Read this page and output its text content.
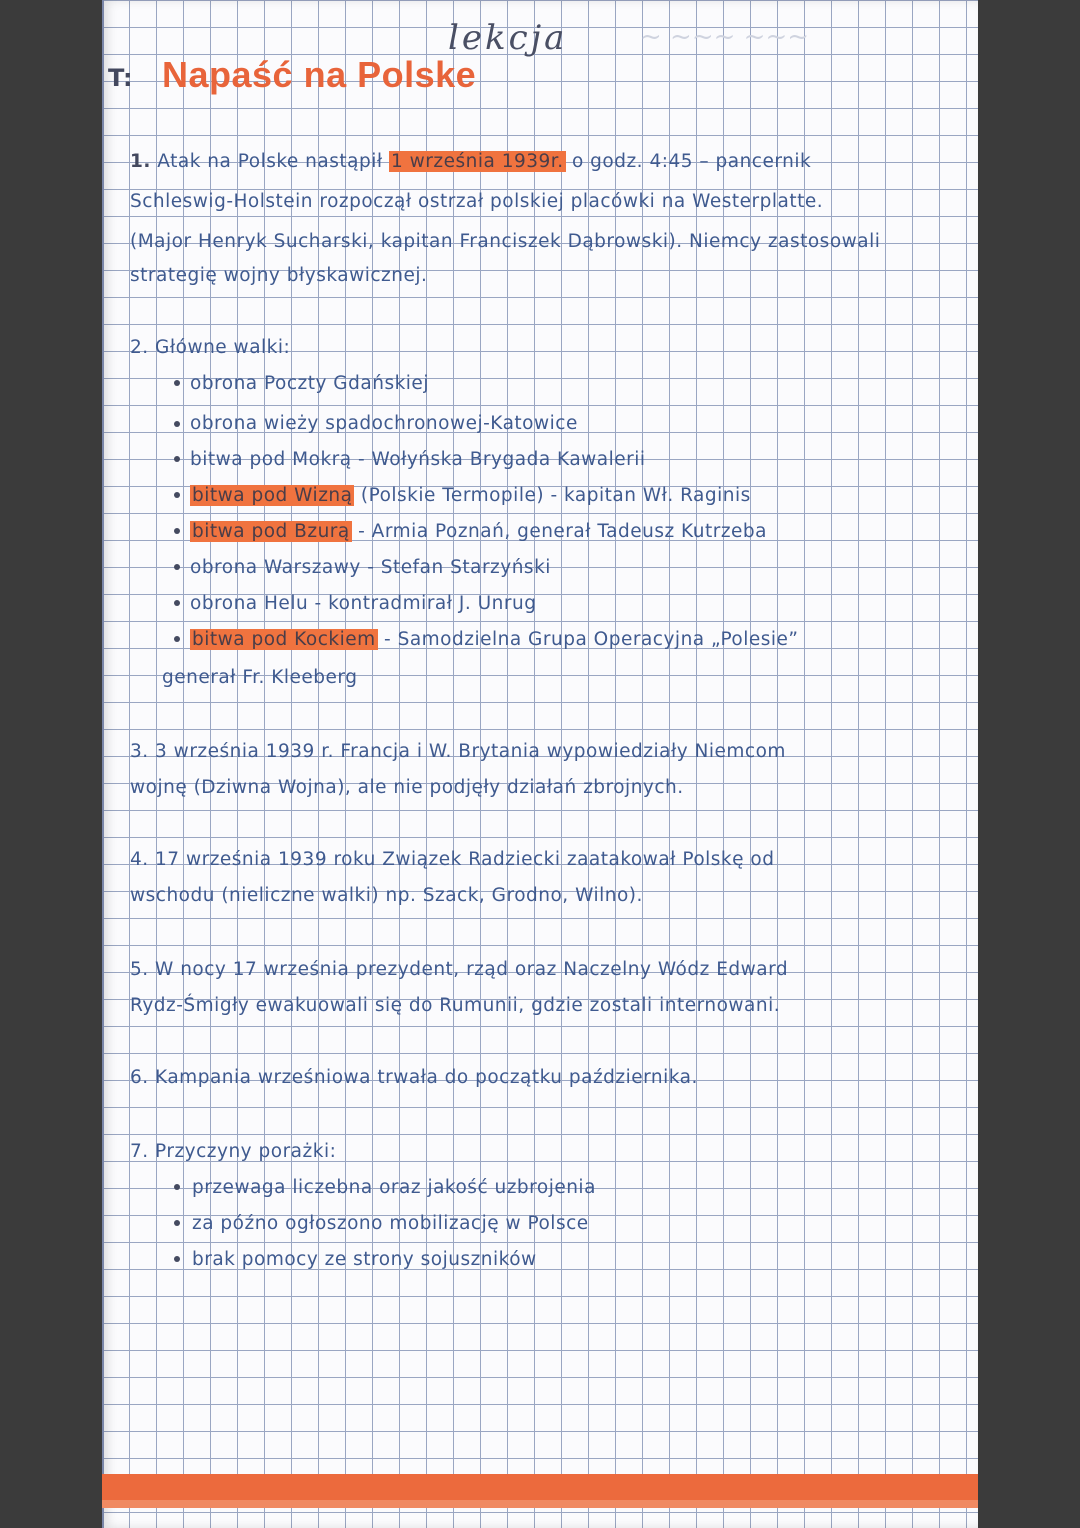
~ ~~~ ~~~
lekcja
T: Napaść na Polske
1. Atak na Polske nastąpił 1 września 1939r. o godz. 4:45 – pancernik
Schleswig-Holstein rozpoczął ostrzał polskiej placówki na Westerplatte.
(Major Henryk Sucharski, kapitan Franciszek Dąbrowski). Niemcy zastosowali
strategię wojny błyskawicznej.
2. Główne walki:
obrona Poczty Gdańskiej
obrona wieży spadochronowej-Katowice
bitwa pod Mokrą - Wołyńska Brygada Kawalerii
bitwa pod Wizną (Polskie Termopile) - kapitan Wł. Raginis
bitwa pod Bzurą - Armia Poznań, generał Tadeusz Kutrzeba
obrona Warszawy - Stefan Starzyński
obrona Helu - kontradmirał J. Unrug
bitwa pod Kockiem - Samodzielna Grupa Operacyjna „Polesie”
generał Fr. Kleeberg
3. 3 września 1939 r. Francja i W. Brytania wypowiedziały Niemcom
wojnę (Dziwna Wojna), ale nie podjęły działań zbrojnych.
4. 17 września 1939 roku Związek Radziecki zaatakował Polskę od
wschodu (nieliczne walki) np. Szack, Grodno, Wilno).
5. W nocy 17 września prezydent, rząd oraz Naczelny Wódz Edward
Rydz-Śmigły ewakuowali się do Rumunii, gdzie zostali internowani.
6. Kampania wrześniowa trwała do początku października.
7. Przyczyny porażki:
przewaga liczebna oraz jakość uzbrojenia
za późno ogłoszono mobilizację w Polsce
brak pomocy ze strony sojuszników
